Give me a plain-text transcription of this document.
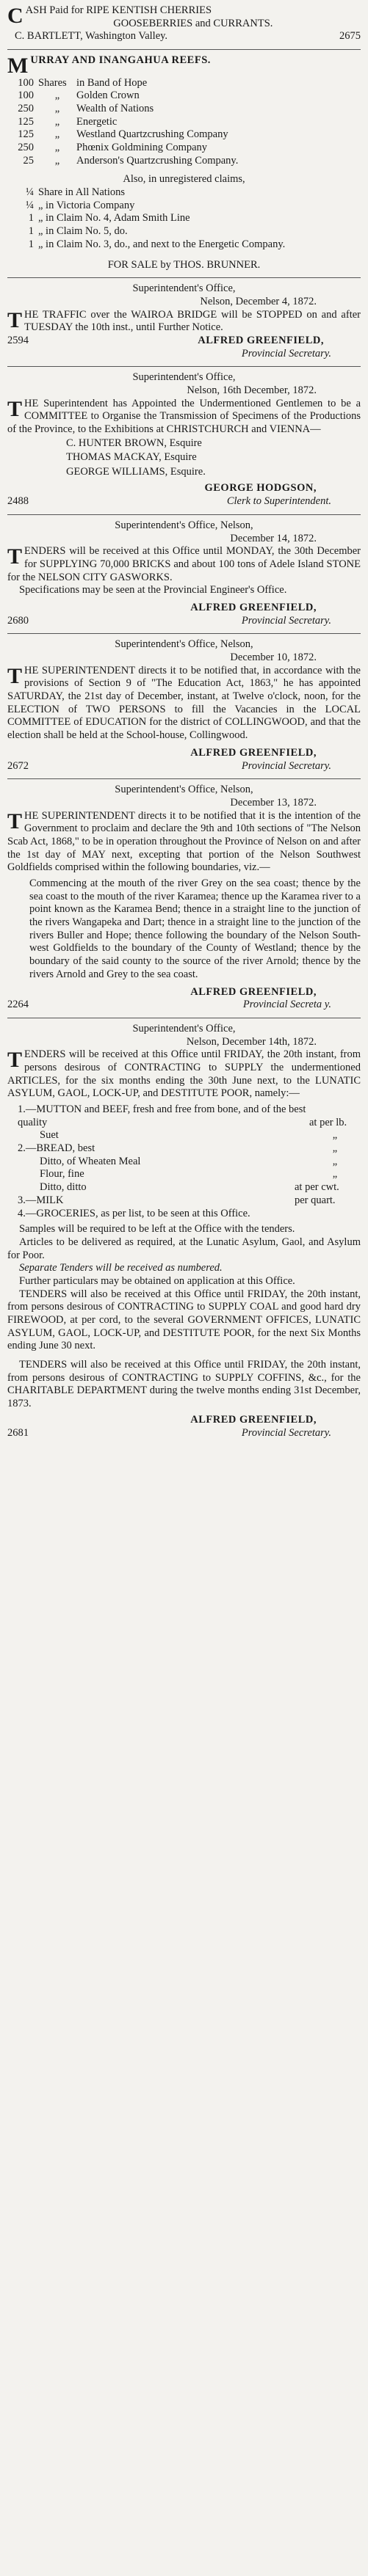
C ASH Paid for RIPE KENTISH CHERRIES
GOOSEBERRIES and CURRANTS.
C. BARTLETT, Washington Valley.	2675
M URRAY AND INANGAHUA REEFS.
100 Shares in Band of Hope
100	„	Golden Crown
250	„	Wealth of Nations
125	„	Energetic
125	„	Westland Quartzcrushing Company
250	„	Phœnix Goldmining Company
25	„	Anderson's Quartzcrushing Company.
Also, in unregistered claims,
¼ Share in All Nations
¼ „ in Victoria Company
1 „ in Claim No. 4, Adam Smith Line
1 „ in Claim No. 5, do.
1 „ in Claim No. 3, do., and next to the Energetic Company.
FOR SALE by THOS. BRUNNER.
Superintendent's Office,
Nelson, December 4, 1872.
T HE TRAFFIC over the WAIROA BRIDGE will be STOPPED on and after TUESDAY the 10th inst., until Further Notice.
2594	ALFRED GREENFIELD,
Provincial Secretary.
Superintendent's Office,
Nelson, 16th December, 1872.
T HE Superintendent has Appointed the Undermentioned Gentlemen to be a COMMITTEE to Organise the Transmission of Specimens of the Productions of the Province, to the Exhibitions at CHRISTCHURCH and VIENNA—
C. HUNTER BROWN, Esquire
THOMAS MACKAY, Esquire
GEORGE WILLIAMS, Esquire.
GEORGE HODGSON,
2488	Clerk to Superintendent.
Superintendent's Office, Nelson,
December 14, 1872.
T ENDERS will be received at this Office until MONDAY, the 30th December for SUPPLYING 70,000 BRICKS and about 100 tons of Adele Island STONE for the NELSON CITY GASWORKS.
Specifications may be seen at the Provincial Engineer's Office.
ALFRED GREENFIELD,
2680	Provincial Secretary.
Superintendent's Office, Nelson,
December 10, 1872.
T HE SUPERINTENDENT directs it to be notified that, in accordance with the provisions of Section 9 of "The Education Act, 1863," he has appointed SATURDAY, the 21st day of December, instant, at Twelve o'clock, noon, for the ELECTION of TWO PERSONS to fill the Vacancies in the LOCAL COMMITTEE of EDUCATION for the district of COLLINGWOOD, and that the election shall be held at the School-house, Collingwood.
ALFRED GREENFIELD,
2672	Provincial Secretary.
Superintendent's Office, Nelson,
December 13, 1872.
T HE SUPERINTENDENT directs it to be notified that it is the intention of the Government to proclaim and declare the 9th and 10th sections of "The Nelson Scab Act, 1868," to be in operation throughout the Province of Nelson on and after the 1st day of MAY next, excepting that portion of the Nelson Southwest Goldfields comprised within the following boundaries, viz.—
Commencing at the mouth of the river Grey on the sea coast; thence by the sea coast to the mouth of the river Karamea; thence up the Karamea river to a point known as the Karamea Bend; thence in a straight line to the junction of the rivers Wangapeka and Dart; thence in a straight line to the junction of the rivers Buller and Hope; thence following the boundary of the Nelson South-west Goldfields to the boundary of the County of Westland; thence by the boundary of the said county to the source of the river Arnold; thence by the rivers Arnold and Grey to the sea coast.
ALFRED GREENFIELD,
2264	Provincial Secreta y.
Superintendent's Office,
Nelson, December 14th, 1872.
T ENDERS will be received at this Office until FRIDAY, the 20th instant, from persons desirous of CONTRACTING to SUPPLY the undermentioned ARTICLES, for the six months ending the 30th June next, to the LUNATIC ASYLUM, GAOL, LOCK-UP, and DESTITUTE POOR, namely:—
1.—MUTTON and BEEF, fresh and free from bone, and of the best quality	at per lb.
Suet	„
2.—BREAD, best	„
Ditto, of Wheaten Meal	„
Flour, fine	„
Ditto, ditto	at per cwt.
3.—MILK	per quart.
4.—GROCERIES, as per list, to be seen at this Office.
Samples will be required to be left at the Office with the tenders.
Articles to be delivered as required, at the Lunatic Asylum, Gaol, and Asylum for Poor.
Separate Tenders will be received as numbered.
Further particulars may be obtained on application at this Office.
TENDERS will also be received at this Office until FRIDAY, the 20th instant, from persons desirous of CONTRACTING to SUPPLY COAL and good hard dry FIREWOOD, at per cord, to the several GOVERNMENT OFFICES, LUNATIC ASYLUM, GAOL, LOCK-UP, and DESTITUTE POOR, for the next Six Months ending June 30 next.
TENDERS will also be received at this Office until FRIDAY, the 20th instant, from persons desirous of CONTRACTING to SUPPLY COFFINS, &c., for the CHARITABLE DEPARTMENT during the twelve months ending 31st December, 1873.
ALFRED GREENFIELD,
2681	Provincial Secretary.
